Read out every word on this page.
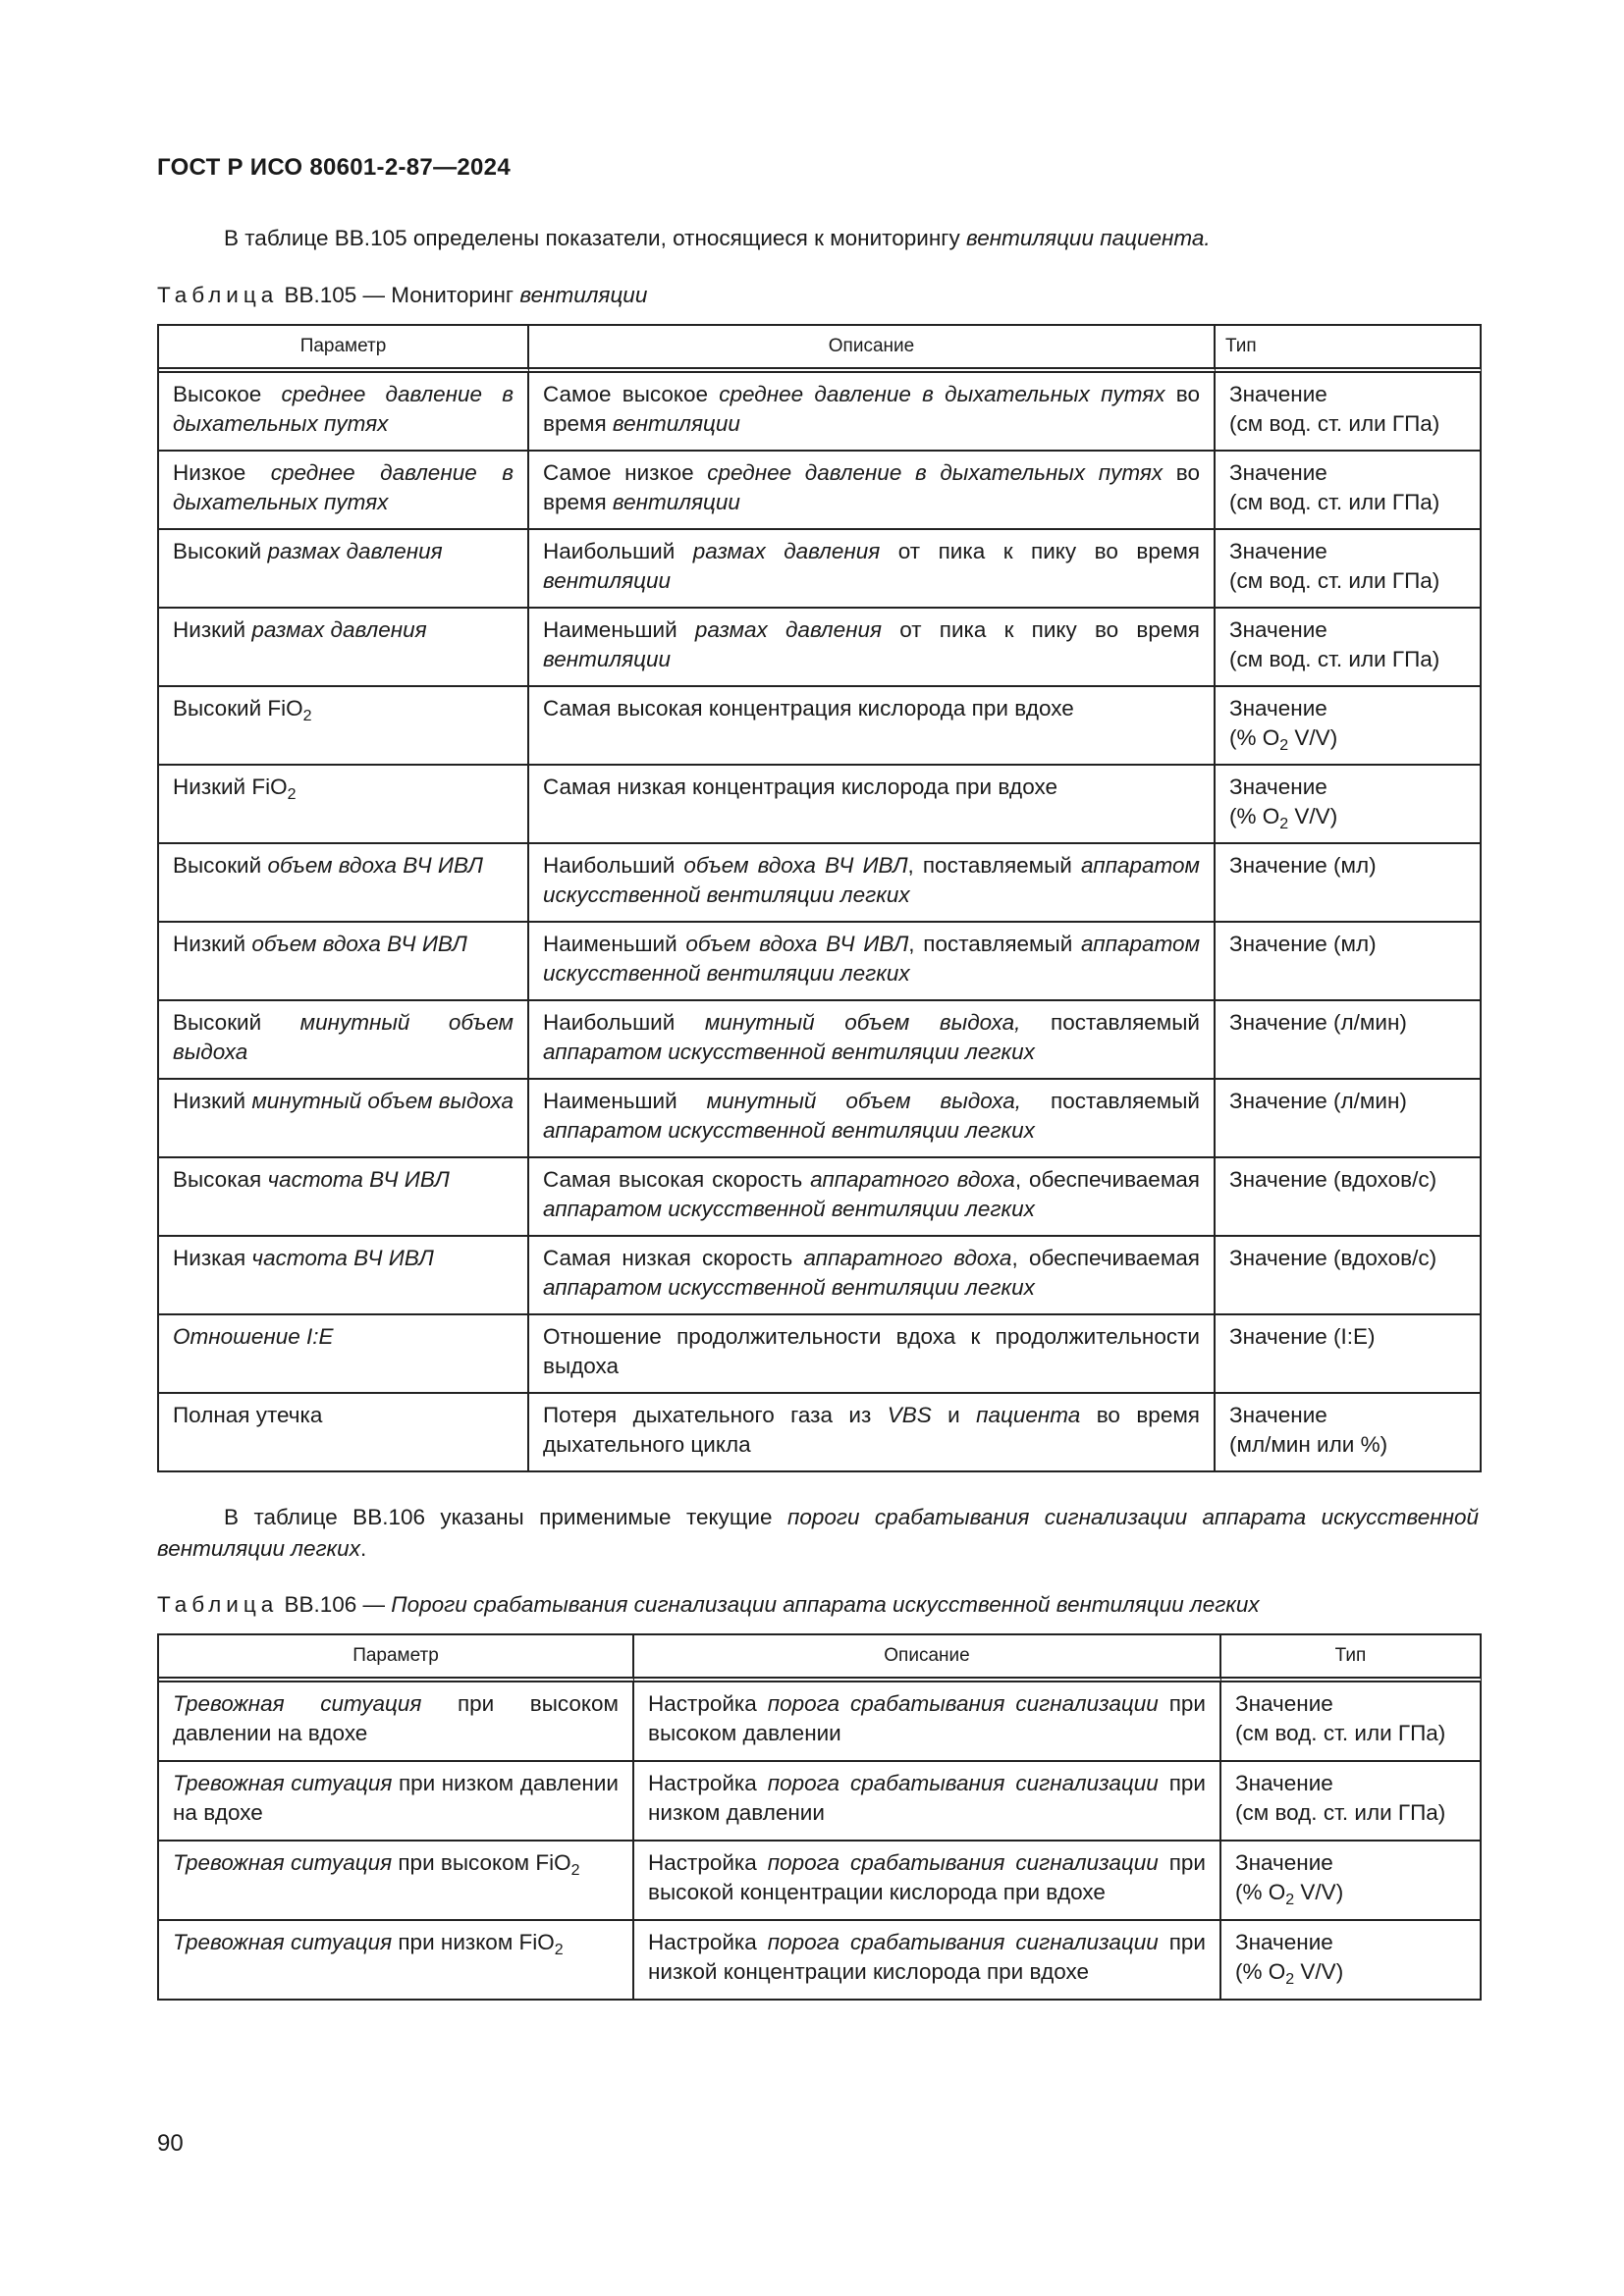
ГОСТ Р ИСО 80601-2-87—2024

В таблице ВВ.105 определены показатели, относящиеся к мониторингу вентиляции пациента.

Таблица ВВ.105 — Мониторинг вентиляции
Параметр	Описание	Тип
Высокое среднее давление в дыхательных путях	Самое высокое среднее давление в дыхательных путях во время вентиляции	Значение
(см вод. ст. или ГПа)
Низкое среднее давление в дыхательных путях	Самое низкое среднее давление в дыхательных путях во время вентиляции	Значение
(см вод. ст. или ГПа)
Высокий размах давления	Наибольший размах давления от пика к пику во время вентиляции	Значение
(см вод. ст. или ГПа)
Низкий размах давления	Наименьший размах давления от пика к пику во время вентиляции	Значение
(см вод. ст. или ГПа)
Высокий FiO$_2$	Самая высокая концентрация кислорода при вдохе	Значение
(% $O_2$ V/V)
Низкий FiO$_2$	Самая низкая концентрация кислорода при вдохе	Значение
(% $O_2$ V/V)
Высокий объем вдоха ВЧ ИВЛ	Наибольший объем вдоха ВЧ ИВЛ, поставляемый аппаратом искусственной вентиляции легких	Значение (мл)
Низкий объем вдоха ВЧ ИВЛ	Наименьший объем вдоха ВЧ ИВЛ, поставляемый аппаратом искусственной вентиляции легких	Значение (мл)
Высокий минутный объем выдоха	Наибольший минутный объем выдоха, поставляемый аппаратом искусственной вентиляции легких	Значение (л/мин)
Низкий минутный объем выдоха	Наименьший минутный объем выдоха, поставляемый аппаратом искусственной вентиляции легких	Значение (л/мин)
Высокая частота ВЧ ИВЛ	Самая высокая скорость аппаратного вдоха, обеспечиваемая аппаратом искусственной вентиляции легких	Значение (вдохов/с)
Низкая частота ВЧ ИВЛ	Самая низкая скорость аппаратного вдоха, обеспечиваемая аппаратом искусственной вентиляции легких	Значение (вдохов/с)
Отношение I:E	Отношение продолжительности вдоха к продолжительности выдоха	Значение (I:E)
Полная утечка	Потеря дыхательного газа из VBS и пациента во время дыхательного цикла	Значение
(мл/мин или %)

В таблице ВВ.106 указаны применимые текущие пороги срабатывания сигнализации аппарата искусственной вентиляции легких.

Таблица ВВ.106 — Пороги срабатывания сигнализации аппарата искусственной вентиляции легких
Параметр	Описание	Тип
Тревожная ситуация при высоком давлении на вдохе	Настройка порога срабатывания сигнализации при высоком давлении	Значение
(см вод. ст. или ГПа)
Тревожная ситуация при низком давлении на вдохе	Настройка порога срабатывания сигнализации при низком давлении	Значение
(см вод. ст. или ГПа)
Тревожная ситуация при высоком FiO$_2$	Настройка порога срабатывания сигнализации при высокой концентрации кислорода при вдохе	Значение
(% $O_2$ V/V)
Тревожная ситуация при низком FiO$_2$	Настройка порога срабатывания сигнализации при низкой концентрации кислорода при вдохе	Значение
(% $O_2$ V/V)
90
